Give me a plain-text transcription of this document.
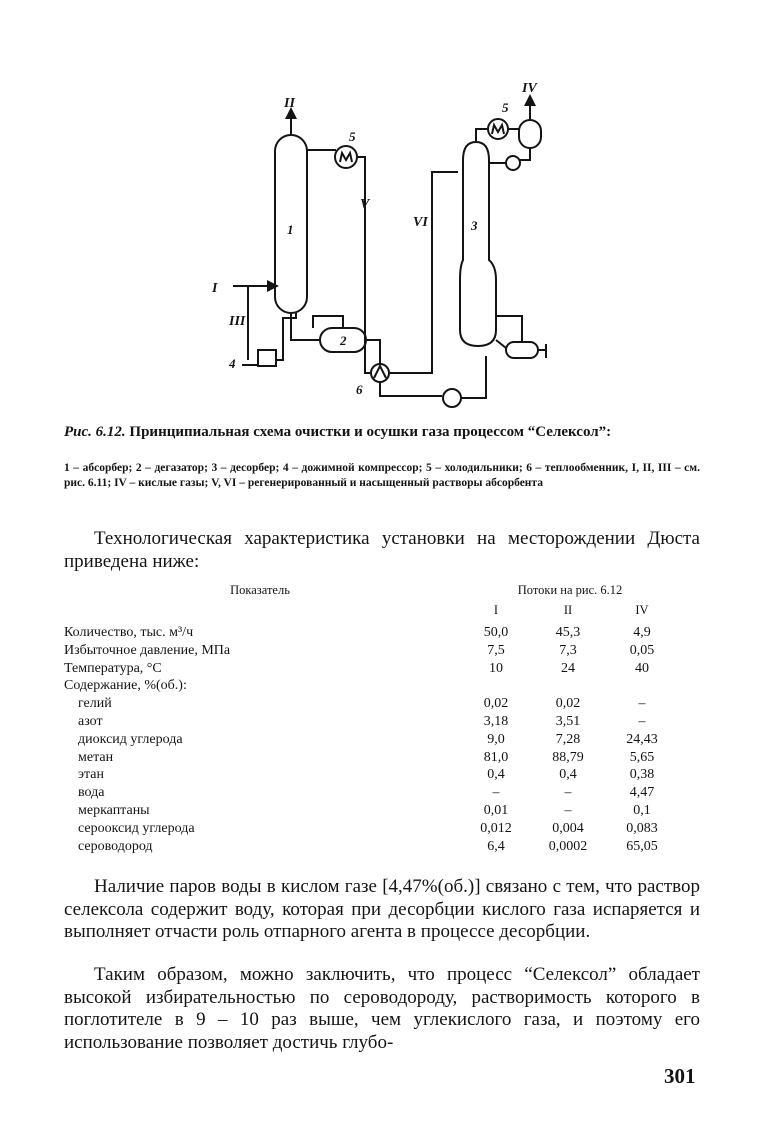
II
I
III
IV
V
VI
1
2
3
4
5
5
6
Рис. 6.12. Принципиальная схема очистки и осушки газа процессом “Селексол”:
1 – абсорбер; 2 – дегазатор; 3 – десорбер; 4 – дожимной компрессор; 5 – холодильники; 6 – теплообменник, I, II, III – см. рис. 6.11; IV – кислые газы; V, VI – регенерированный и насыщенный растворы абсорбента
Технологическая характеристика установки на месторождении Дюста приведена ниже:
Показатель	Потоки на рис. 6.12
I	II	IV
Количество, тыс. м³/ч	50,0	45,3	4,9
Избыточное давление, МПа	7,5	7,3	0,05
Температура, °С	10	24	40
Содержание, %(об.):
гелий	0,02	0,02	–
азот	3,18	3,51	–
диоксид углерода	9,0	7,28	24,43
метан	81,0	88,79	5,65
этан	0,4	0,4	0,38
вода	–	–	4,47
меркаптаны	0,01	–	0,1
серооксид углерода	0,012	0,004	0,083
сероводород	6,4	0,0002	65,05
Наличие паров воды в кислом газе [4,47%(об.)] связано с тем, что раствор селексола содержит воду, которая при десорбции кислого газа испаряется и выполняет отчасти роль отпарного агента в процессе десорбции.
Таким образом, можно заключить, что процесс “Селексол” обладает высокой избирательностью по сероводороду, растворимость которого в поглотителе в 9 – 10 раз выше, чем углекислого газа, и поэтому его использование позволяет достичь глубо-
301
